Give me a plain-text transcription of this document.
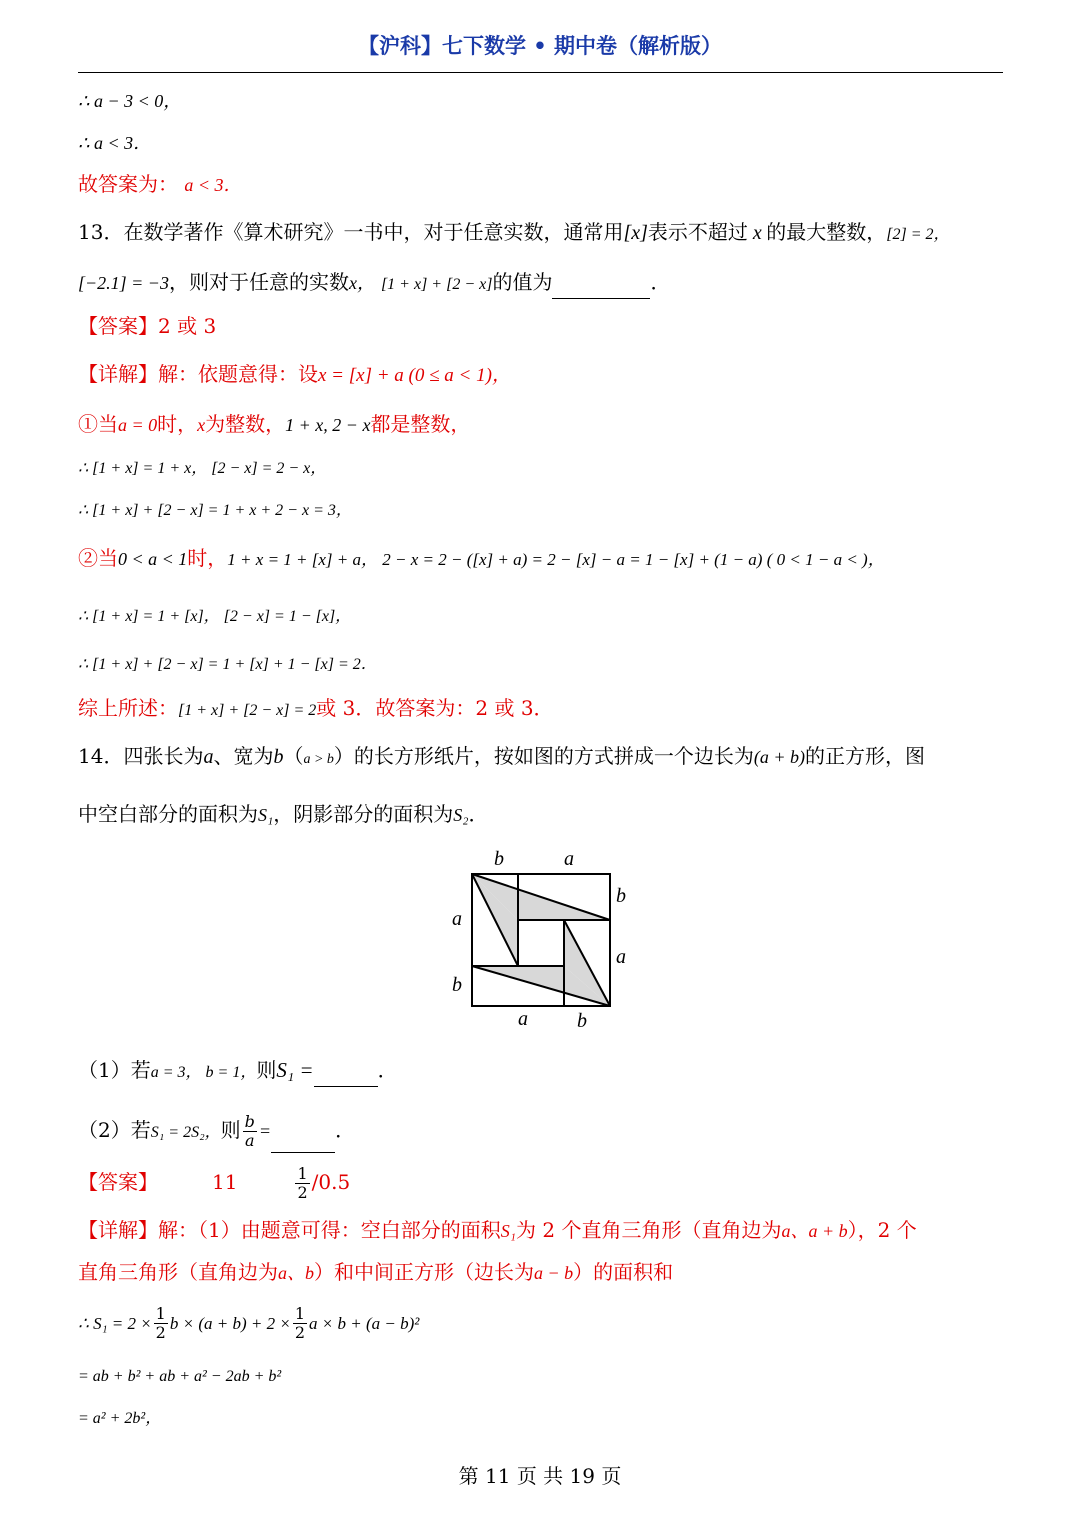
【沪科】七下数学 • 期中卷（解析版）
∴ a − 3 < 0，
∴ a < 3．
故答案为： a < 3．
13．在数学著作《算术研究》一书中，对于任意实数，通常用[x]表示不超过 x 的最大整数，[2] = 2，
[−2.1] = −3，则对于任意的实数x， [1 + x] + [2 − x]的值为	．
【答案】2 或 3
【详解】解：依题意得：设x = [x] + a (0 ≤ a < 1)，
①当a = 0时，x为整数，1 + x, 2 − x都是整数，
∴ [1 + x] = 1 + x， [2 − x] = 2 − x，
∴ [1 + x] + [2 − x] = 1 + x + 2 − x = 3，
②当0 < a < 1时，1 + x = 1 + [x] + a， 2 − x = 2 − ([x] + a) = 2 − [x] − a = 1 − [x] + (1 − a) ( 0 < 1 − a < )，
∴ [1 + x] = 1 + [x]， [2 − x] = 1 − [x]，
∴ [1 + x] + [2 − x] = 1 + [x] + 1 − [x] = 2．
综上所述：[1 + x] + [2 − x] = 2或 3．故答案为：2 或 3．
14．四张长为a、宽为b（a > b）的长方形纸片，按如图的方式拼成一个边长为(a + b)的正方形，图
中空白部分的面积为S₁，阴影部分的面积为S₂．
b	a
b
a
a
b
a b
（1）若a = 3， b = 1，则S₁ =	．
（2）若S₁ = 2S₂，则 $\frac{b}{a}$ =	．
【答案】	11	$\frac{1}{2} /0.5$
【详解】解：（1）由题意可得：空白部分的面积S₁为 2 个直角三角形（直角边为a、a + b），2 个
直角三角形（直角边为a、b）和中间正方形（边长为a − b）的面积和
∴ $S_1 = 2 \times \frac{1}{2}$ $b \times (a + b) + 2 \times \frac{1}{2}$ a × b + (a − b)²
= ab + b² + ab + a² − 2ab + b²
= a² + 2b²，
第 11 页 共 19 页
